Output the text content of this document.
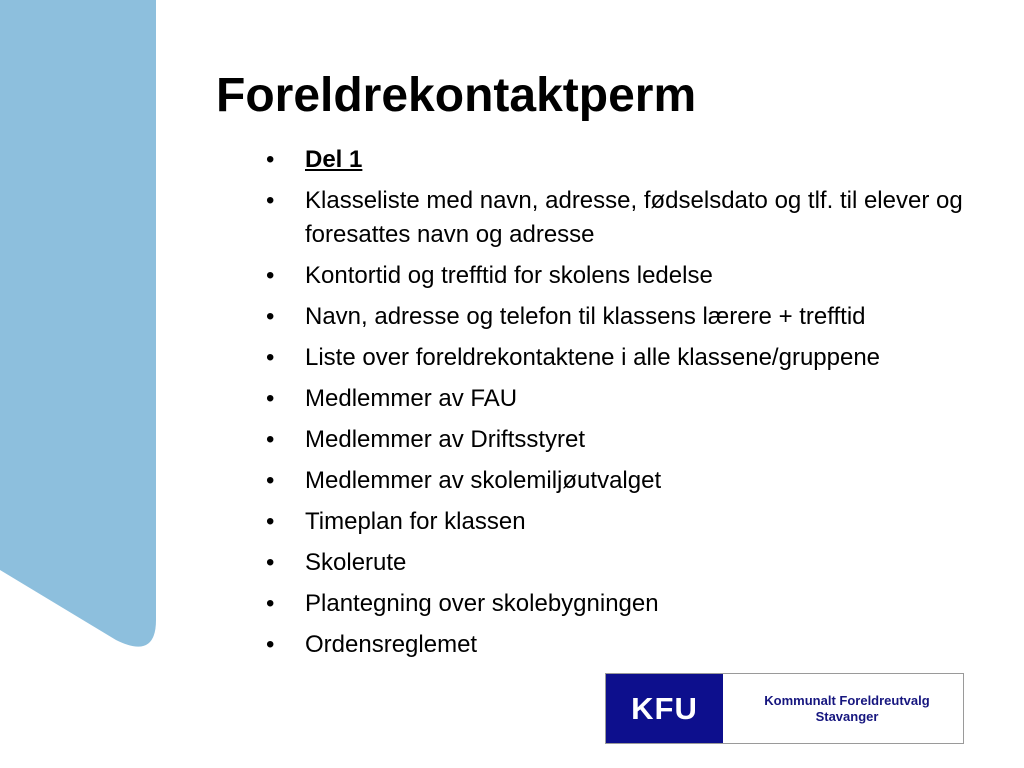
Foreldrekontaktperm
• Del 1
• Klasseliste med navn, adresse, fødselsdato og tlf. til elever og foresattes navn og adresse
• Kontortid og trefftid for skolens ledelse
• Navn, adresse og telefon til klassens lærere + trefftid
• Liste over foreldrekontaktene i alle klassene/gruppene
• Medlemmer av FAU
• Medlemmer av Driftsstyret
• Medlemmer av skolemiljøutvalget
• Timeplan for klassen
• Skolerute
• Plantegning over skolebygningen
• Ordensreglemet
KFU	Kommunalt Foreldreutvalg
Stavanger
